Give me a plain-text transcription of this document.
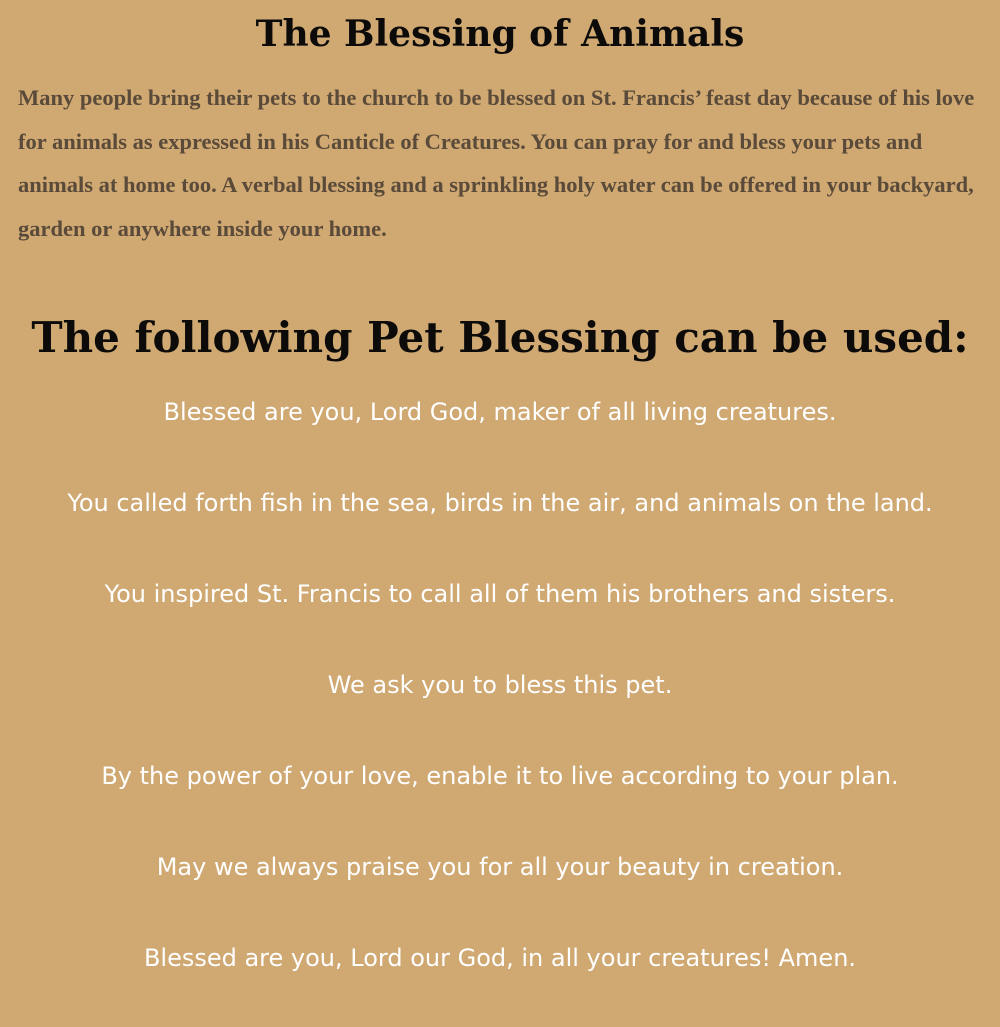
The Blessing of Animals

Many people bring their pets to the church to be blessed on St. Francis’ feast day because of his love for animals as expressed in his Canticle of Creatures. You can pray for and bless your pets and animals at home too. A verbal blessing and a sprinkling holy water can be offered in your backyard, garden or anywhere inside your home.

The following Pet Blessing can be used:
Blessed are you, Lord God, maker of all living creatures.
You called forth fish in the sea, birds in the air, and animals on the land.
You inspired St. Francis to call all of them his brothers and sisters.
We ask you to bless this pet.
By the power of your love, enable it to live according to your plan.
May we always praise you for all your beauty in creation.
Blessed are you, Lord our God, in all your creatures! Amen.
